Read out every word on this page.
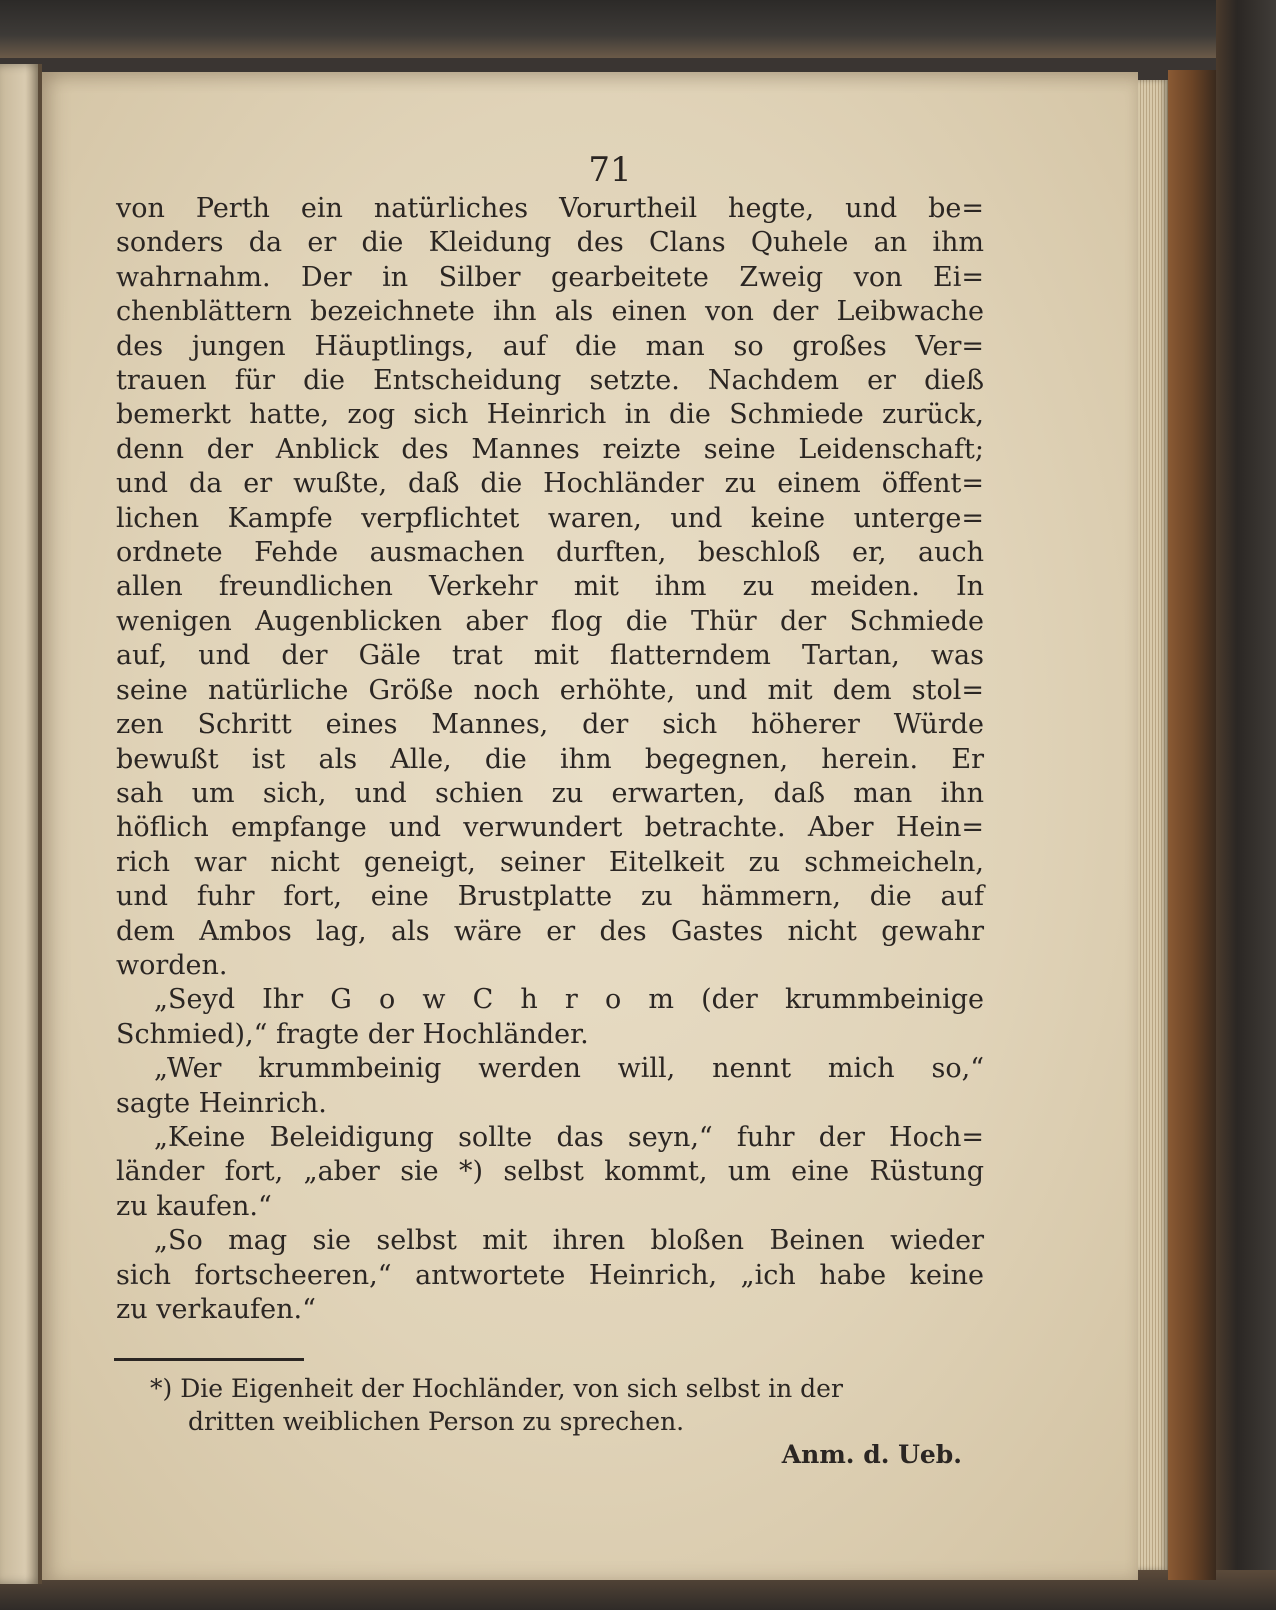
71
von Perth ein natürliches Vorurtheil hegte, und be=
sonders da er die Kleidung des Clans Quhele an ihm
wahrnahm. Der in Silber gearbeitete Zweig von Ei=
chenblättern bezeichnete ihn als einen von der Leibwache
des jungen Häuptlings, auf die man so großes Ver=
trauen für die Entscheidung setzte. Nachdem er dieß
bemerkt hatte, zog sich Heinrich in die Schmiede zurück,
denn der Anblick des Mannes reizte seine Leidenschaft;
und da er wußte, daß die Hochländer zu einem öffent=
lichen Kampfe verpflichtet waren, und keine unterge=
ordnete Fehde ausmachen durften, beschloß er, auch
allen freundlichen Verkehr mit ihm zu meiden. In
wenigen Augenblicken aber flog die Thür der Schmiede
auf, und der Gäle trat mit flatterndem Tartan, was
seine natürliche Größe noch erhöhte, und mit dem stol=
zen Schritt eines Mannes, der sich höherer Würde
bewußt ist als Alle, die ihm begegnen, herein. Er
sah um sich, und schien zu erwarten, daß man ihn
höflich empfange und verwundert betrachte. Aber Hein=
rich war nicht geneigt, seiner Eitelkeit zu schmeicheln,
und fuhr fort, eine Brustplatte zu hämmern, die auf
dem Ambos lag, als wäre er des Gastes nicht gewahr
worden.
„Seyd Ihr G o w C h r o m (der krummbeinige
Schmied),“ fragte der Hochländer.
„Wer krummbeinig werden will, nennt mich so,“
sagte Heinrich.
„Keine Beleidigung sollte das seyn,“ fuhr der Hoch=
länder fort, „aber sie *) selbst kommt, um eine Rüstung
zu kaufen.“
„So mag sie selbst mit ihren bloßen Beinen wieder
sich fortscheeren,“ antwortete Heinrich, „ich habe keine
zu verkaufen.“
*) Die Eigenheit der Hochländer, von sich selbst in der
dritten weiblichen Person zu sprechen.
Anm. d. Ueb.
